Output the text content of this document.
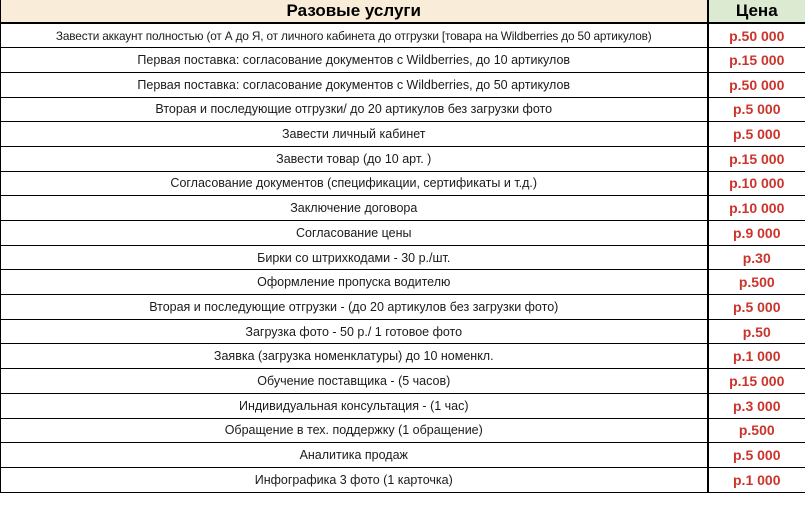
Разовые услуги	Цена
Завести аккаунт полностью (от А до Я, от личного кабинета до отгрузки [товара на Wildberries до 50 артикулов)	р.50 000
Первая поставка: согласование документов с Wildberries, до 10 артикулов	р.15 000
Первая поставка: согласование документов с Wildberries, до 50 артикулов	р.50 000
Вторая и последующие отгрузки/ до 20 артикулов без загрузки фото	р.5 000
Завести личный кабинет	р.5 000
Завести товар (до 10 арт. )	р.15 000
Согласование документов (спецификации, сертификаты и т.д.)	р.10 000
Заключение договора	р.10 000
Согласование цены	р.9 000
Бирки со штрихкодами - 30 р./шт.	р.30
Оформление пропуска водителю	р.500
Вторая и последующие отгрузки - (до 20 артикулов без загрузки фото)	р.5 000
Загрузка фото - 50 р./ 1 готовое фото	р.50
Заявка (загрузка номенклатуры) до 10 номенкл.	р.1 000
Обучение поставщика - (5 часов)	р.15 000
Индивидуальная консультация - (1 час)	р.3 000
Обращение в тех. поддержку (1 обращение)	р.500
Аналитика продаж	р.5 000
Инфографика 3 фото (1 карточка)	р.1 000
